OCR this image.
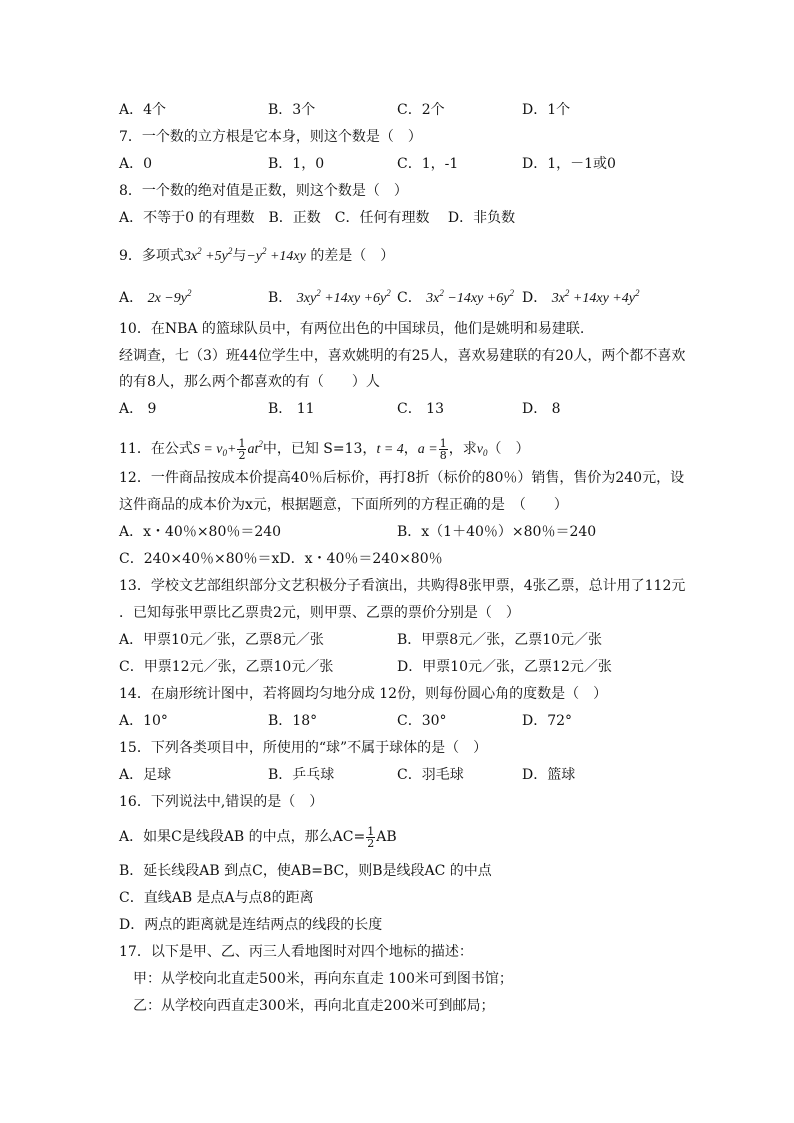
A．4个	B．3个	C．2个	D．1个
7．一个数的立方根是它本身，则这个数是（　）
A．0	B．1，0	C．1，-1	D．1，－1或0
8．一个数的绝对值是正数，则这个数是（　）
A．不等于0 的有理数　B．正数　C．任何有理数　 D．非负数
9．多项式$3x^2 +5y^2$与$-y^2 +14xy$ 的差是（　）
A． $2x -9y^2$	B． $3xy^2 +14xy +6y^2$ C． $3x^2 -14xy +6y^2$ D． $3x^2 +14xy +4y^2$
10．在NBA 的篮球队员中，有两位出色的中国球员，他们是姚明和易建联.
经调查，七（3）班44位学生中，喜欢姚明的有25人，喜欢易建联的有20人，两个都不喜欢
的有8人，那么两个都喜欢的有（　　）人
A． 9	B． 11	C． 13	D． 8
11．在公式$S = v_0+ \frac{1}{2} at^2$中，已知 S=13，t = 4，$a = \frac{1}{8}$ ，求$v_0$（　）
12．一件商品按成本价提高40％后标价，再打8折（标价的80％）销售，售价为240元，设
这件商品的成本价为x元，根据题意，下面所列的方程正确的是　（　　）
A．x・40％×80％＝240	B．x（1＋40％）×80％＝240
C．240×40％×80％＝xD．x・40％＝240×80％
13．学校文艺部组织部分文艺积极分子看演出，共购得8张甲票，4张乙票，总计用了112元
．已知每张甲票比乙票贵2元，则甲票、乙票的票价分别是（　）
A．甲票10元／张，乙票8元／张	B．甲票8元／张，乙票10元／张
C．甲票12元／张，乙票10元／张	D．甲票10元／张，乙票12元／张
14．在扇形统计图中，若将圆均匀地分成 12份，则每份圆心角的度数是（　）
A．10°	B．18°	C．30°	D．72°
15．下列各类项目中，所使用的“球”不属于球体的是（　）
A．足球	B．乒乓球	C．羽毛球	D．篮球
16．下列说法中,错误的是（　）
A．如果C是线段AB 的中点，那么$AC= \frac{1}{2}$ AB
B．延长线段AB 到点C，使AB=BC，则B是线段AC 的中点
C．直线AB 是点A与点8的距离
D．两点的距离就是连结两点的线段的长度
17．以下是甲、乙、丙三人看地图时对四个地标的描述：
甲：从学校向北直走500米，再向东直走 100米可到图书馆；
乙：从学校向西直走300米，再向北直走200米可到邮局；
